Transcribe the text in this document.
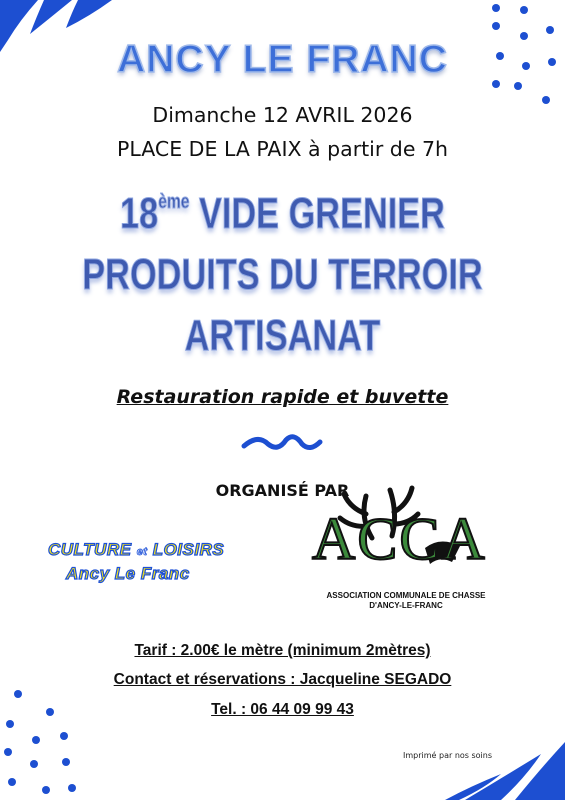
ANCY LE FRANC
Dimanche 12 AVRIL 2026
PLACE DE LA PAIX à partir de 7h
18ème VIDE GRENIER
PRODUITS DU TERROIR
ARTISANAT
Restauration rapide et buvette
ORGANISÉ PAR
CULTURE et LOISIRS
Ancy Le Franc
ACCA
ASSOCIATION COMMUNALE DE CHASSE
D'ANCY-LE-FRANC
Tarif : 2.00€ le mètre (minimum 2mètres)
Contact et réservations : Jacqueline SEGADO
Tel. : 06 44 09 99 43
Imprimé par nos soins
